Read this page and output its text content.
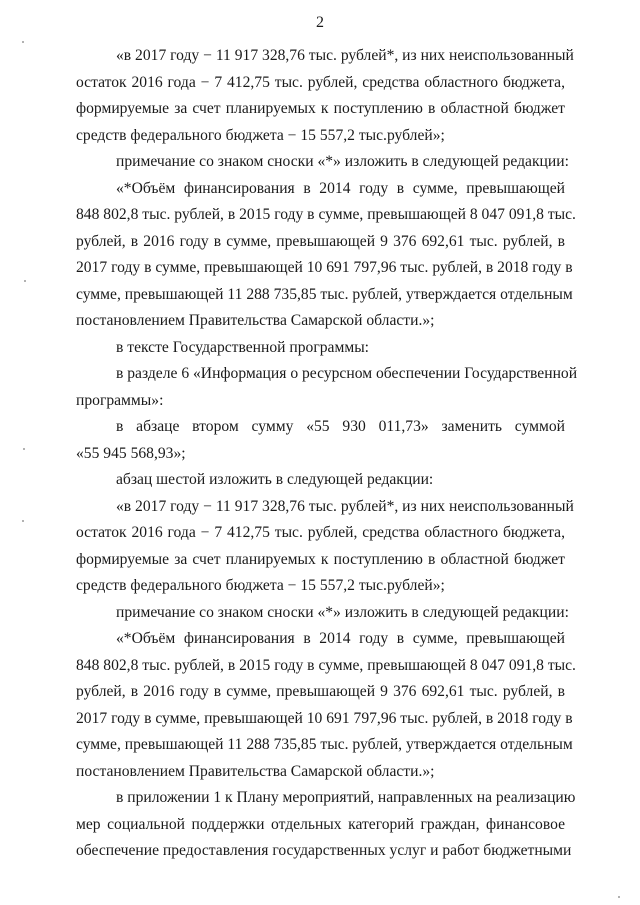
2
«в 2017 году − 11 917 328,76 тыс. рублей*, из них неиспользованный
остаток 2016 года − 7 412,75 тыс. рублей, средства областного бюджета,
формируемые за счет планируемых к поступлению в областной бюджет
средств федерального бюджета − 15 557,2 тыс.рублей»;
примечание со знаком сноски «*» изложить в следующей редакции:
«*Объём финансирования в 2014 году в сумме, превышающей
848 802,8 тыс. рублей, в 2015 году в сумме, превышающей 8 047 091,8 тыс.
рублей, в 2016 году в сумме, превышающей 9 376 692,61 тыс. рублей, в
2017 году в сумме, превышающей 10 691 797,96 тыс. рублей, в 2018 году в
сумме, превышающей 11 288 735,85 тыс. рублей, утверждается отдельным
постановлением Правительства Самарской области.»;
в тексте Государственной программы:
в разделе 6 «Информация о ресурсном обеспечении Государственной
программы»:
в абзаце втором сумму «55 930 011,73» заменить суммой
«55 945 568,93»;
абзац шестой изложить в следующей редакции:
«в 2017 году − 11 917 328,76 тыс. рублей*, из них неиспользованный
остаток 2016 года − 7 412,75 тыс. рублей, средства областного бюджета,
формируемые за счет планируемых к поступлению в областной бюджет
средств федерального бюджета − 15 557,2 тыс.рублей»;
примечание со знаком сноски «*» изложить в следующей редакции:
«*Объём финансирования в 2014 году в сумме, превышающей
848 802,8 тыс. рублей, в 2015 году в сумме, превышающей 8 047 091,8 тыс.
рублей, в 2016 году в сумме, превышающей 9 376 692,61 тыс. рублей, в
2017 году в сумме, превышающей 10 691 797,96 тыс. рублей, в 2018 году в
сумме, превышающей 11 288 735,85 тыс. рублей, утверждается отдельным
постановлением Правительства Самарской области.»;
в приложении 1 к Плану мероприятий, направленных на реализацию
мер социальной поддержки отдельных категорий граждан, финансовое
обеспечение предоставления государственных услуг и работ бюджетными
